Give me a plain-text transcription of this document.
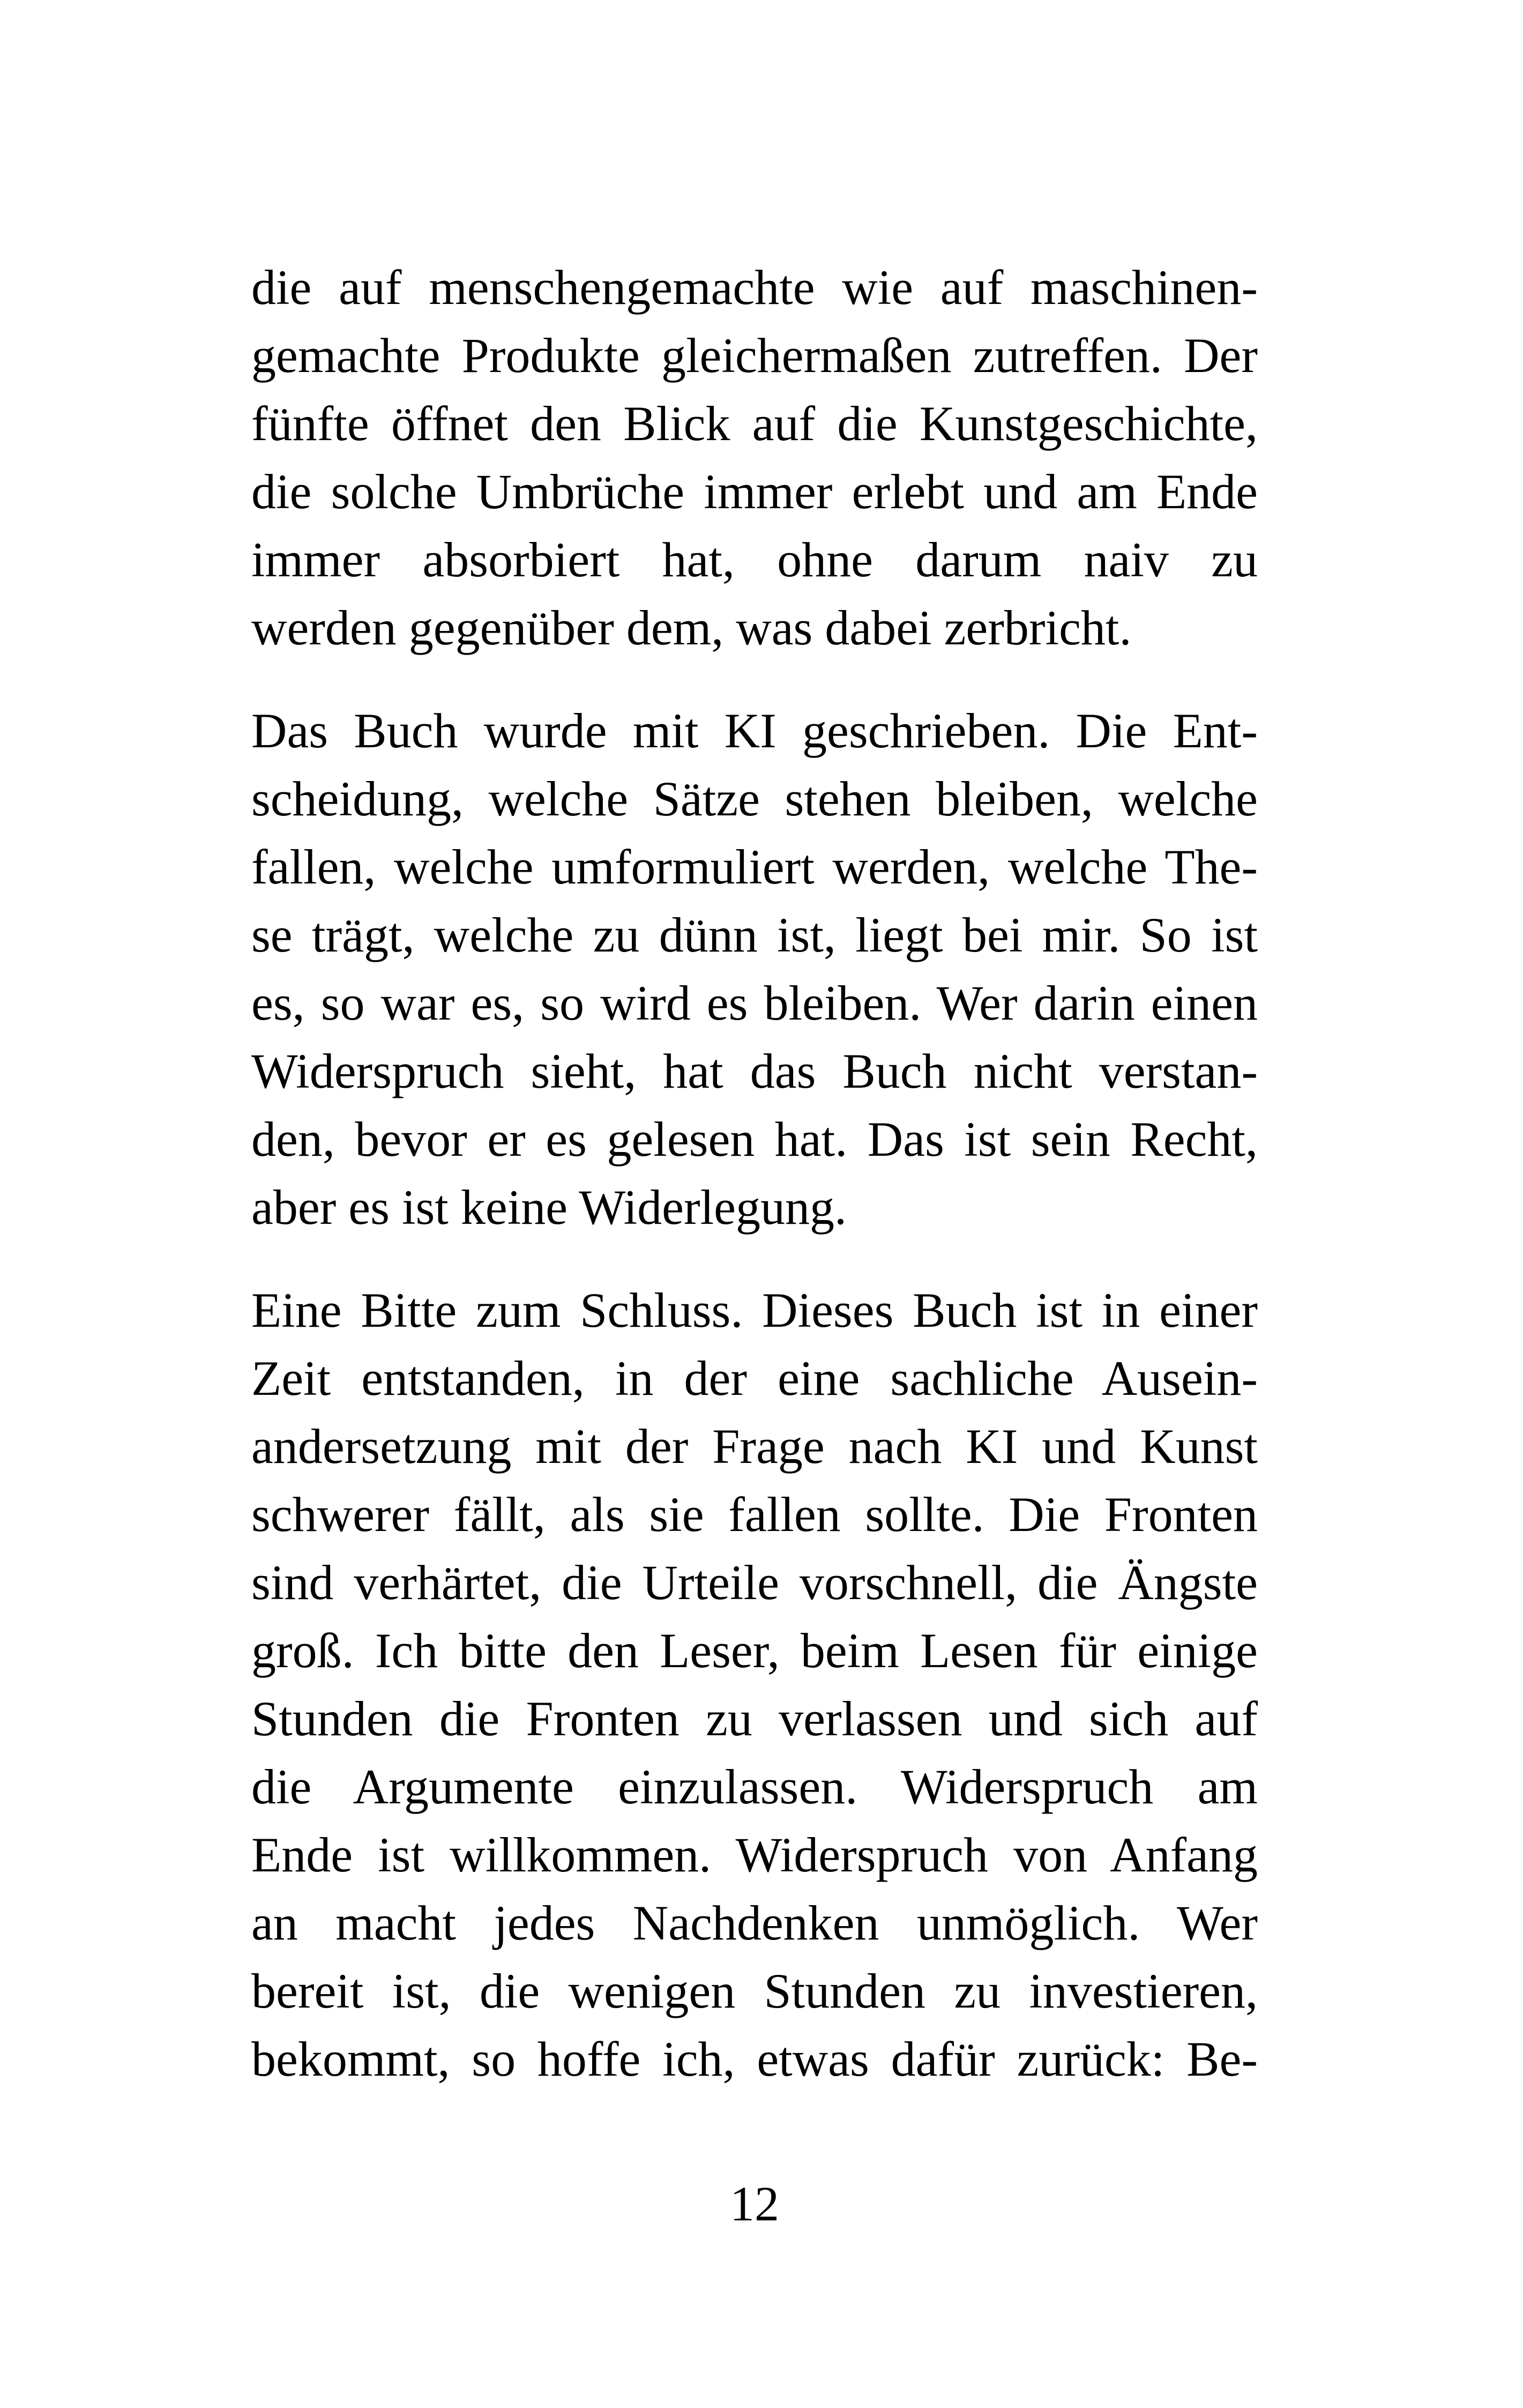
die auf menschengemachte wie auf maschinen-
gemachte Produkte gleichermaßen zutreffen. Der
fünfte öffnet den Blick auf die Kunstgeschichte,
die solche Umbrüche immer erlebt und am Ende
immer absorbiert hat, ohne darum naiv zu
werden gegenüber dem, was dabei zerbricht.
Das Buch wurde mit KI geschrieben. Die Ent-
scheidung, welche Sätze stehen bleiben, welche
fallen, welche umformuliert werden, welche The-
se trägt, welche zu dünn ist, liegt bei mir. So ist
es, so war es, so wird es bleiben. Wer darin einen
Widerspruch sieht, hat das Buch nicht verstan-
den, bevor er es gelesen hat. Das ist sein Recht,
aber es ist keine Widerlegung.
Eine Bitte zum Schluss. Dieses Buch ist in einer
Zeit entstanden, in der eine sachliche Ausein-
andersetzung mit der Frage nach KI und Kunst
schwerer fällt, als sie fallen sollte. Die Fronten
sind verhärtet, die Urteile vorschnell, die Ängste
groß. Ich bitte den Leser, beim Lesen für einige
Stunden die Fronten zu verlassen und sich auf
die Argumente einzulassen. Widerspruch am
Ende ist willkommen. Widerspruch von Anfang
an macht jedes Nachdenken unmöglich. Wer
bereit ist, die wenigen Stunden zu investieren,
bekommt, so hoffe ich, etwas dafür zurück: Be-
12
